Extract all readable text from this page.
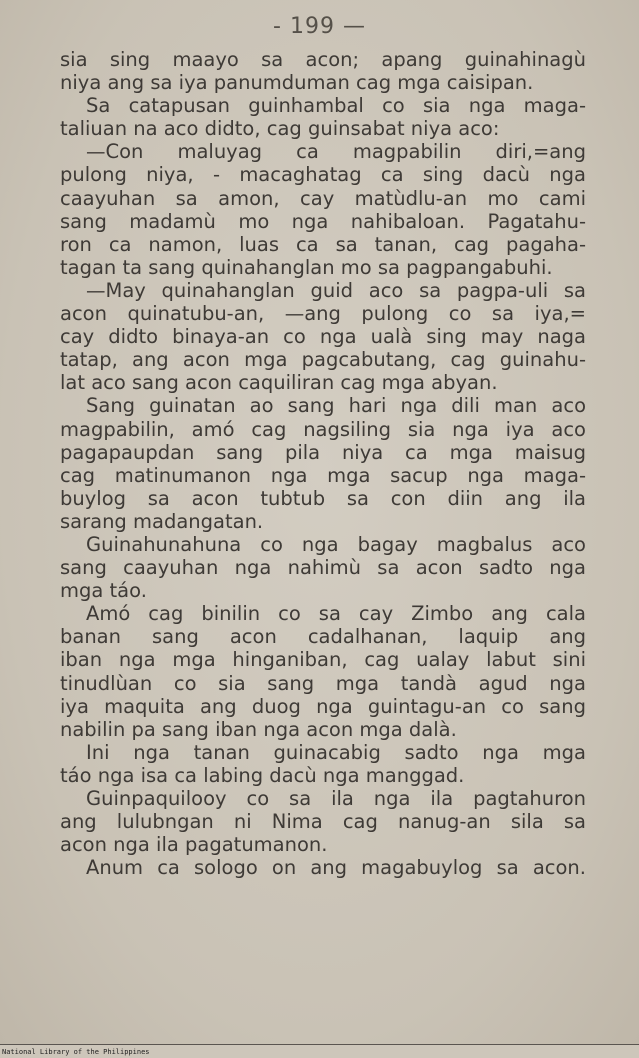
- 199 —
sia sing maayo sa acon; apang guinahinagù
niya ang sa iya panumduman cag mga caisipan.
Sa catapusan guinhambal co sia nga maga-
taliuan na aco didto, cag guinsabat niya aco:
—Con maluyag ca magpabilin diri,=ang
pulong niya, - macaghatag ca sing dacù nga
caayuhan sa amon, cay matùdlu-an mo cami
sang madamù mo nga nahibaloan. Pagatahu-
ron ca namon, luas ca sa tanan, cag pagaha-
tagan ta sang quinahanglan mo sa pagpangabuhi.
—May quinahanglan guid aco sa pagpa-uli sa
acon quinatubu-an, —ang pulong co sa iya,=
cay didto binaya-an co nga ualà sing may naga
tatap, ang acon mga pagcabutang, cag guinahu-
lat aco sang acon caquiliran cag mga abyan.
Sang guinatan ao sang hari nga dili man aco
magpabilin, amó cag nagsiling sia nga iya aco
pagapaupdan sang pila niya ca mga maisug
cag matinumanon nga mga sacup nga maga-
buylog sa acon tubtub sa con diin ang ila
sarang madangatan.
Guinahunahuna co nga bagay magbalus aco
sang caayuhan nga nahimù sa acon sadto nga
mga táo.
Amó cag binilin co sa cay Zimbo ang cala
banan sang acon cadalhanan, laquip ang
iban nga mga hinganiban, cag ualay labut sini
tinudlùan co sia sang mga tandà agud nga
iya maquita ang duog nga guintagu-an co sang
nabilin pa sang iban nga acon mga dalà.
Ini nga tanan guinacabig sadto nga mga
táo nga isa ca labing dacù nga manggad.
Guinpaquilooy co sa ila nga ila pagtahuron
ang lulubngan ni Nima cag nanug-an sila sa
acon nga ila pagatumanon.
Anum ca sologo on ang magabuylog sa acon.
National Library of the Philippines
